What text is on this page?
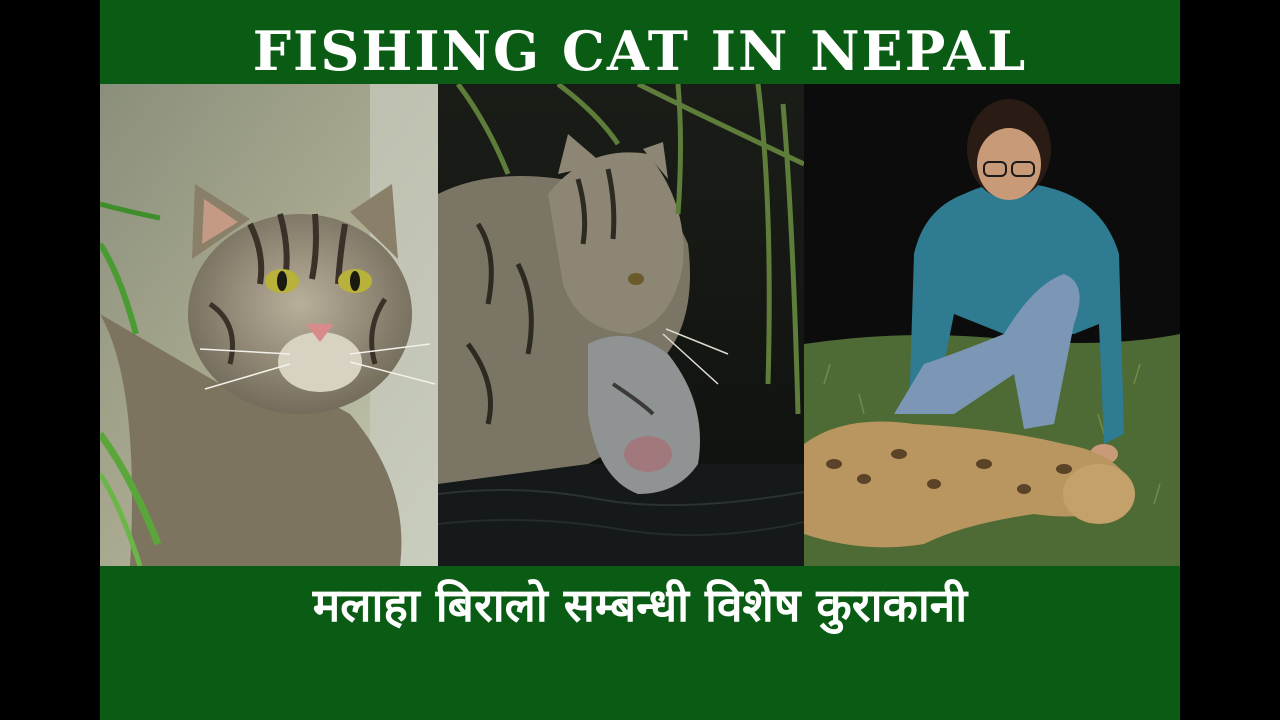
FISHING CAT IN NEPAL
मलाहा बिरालो सम्बन्धी विशेष कुराकानी
